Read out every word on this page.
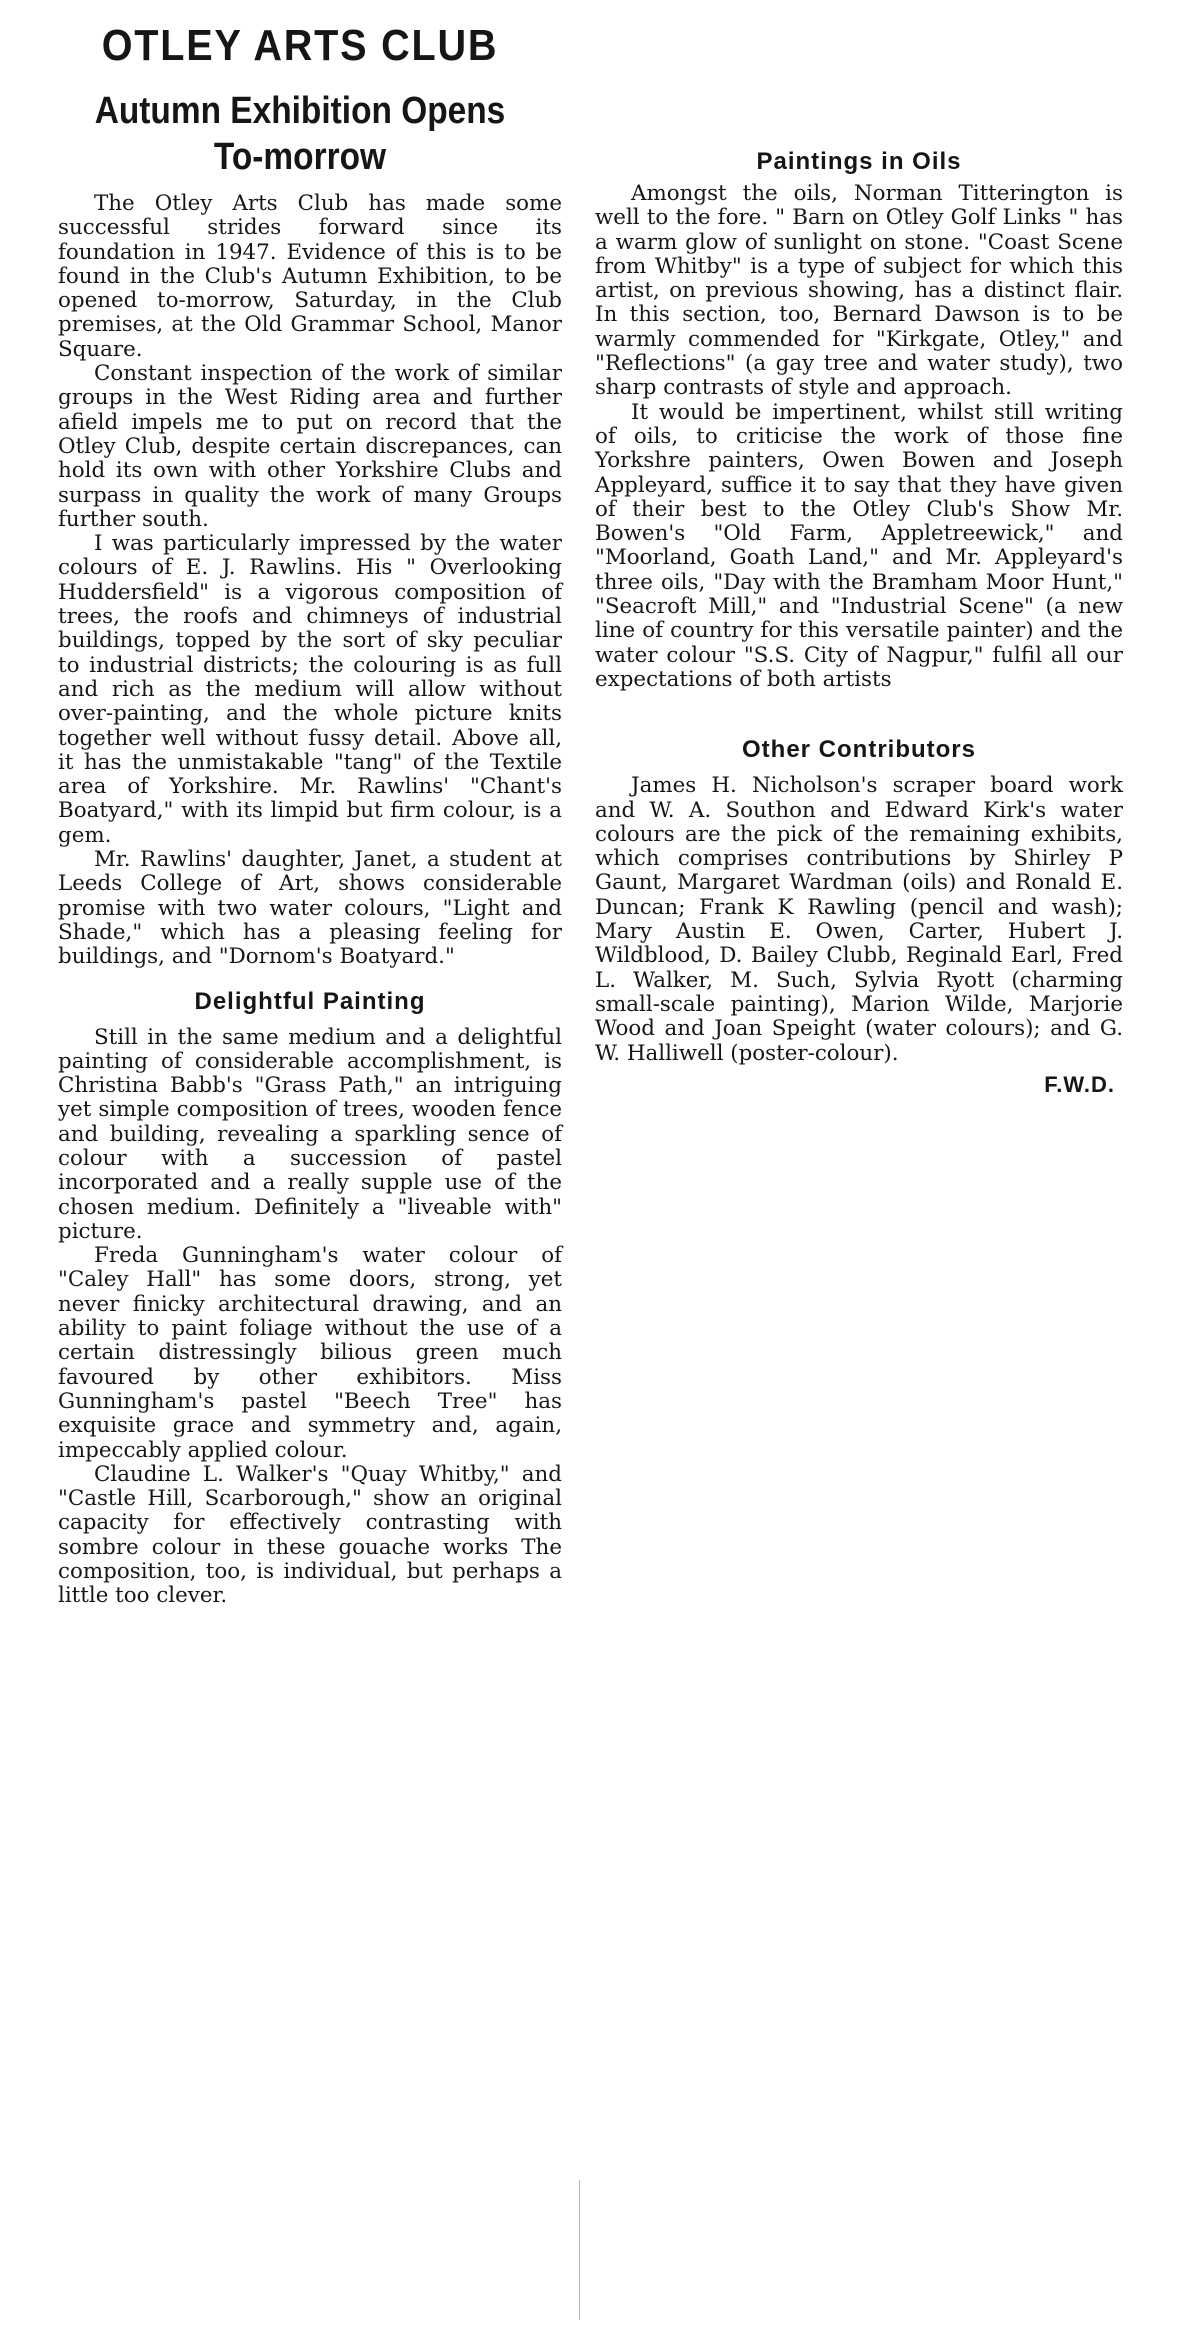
OTLEY ARTS CLUB
Autumn Exhibition Opens To-morrow

The Otley Arts Club has made some successful strides forward since its foundation in 1947. Evidence of this is to be found in the Club's Autumn Exhibition, to be opened to-morrow, Saturday, in the Club premises, at the Old Grammar School, Manor Square.

Constant inspection of the work of similar groups in the West Riding area and further afield impels me to put on record that the Otley Club, despite certain discrepances, can hold its own with other Yorkshire Clubs and surpass in quality the work of many Groups further south.

I was particularly impressed by the water colours of E. J. Rawlins. His " Overlooking Huddersfield" is a vigorous composition of trees, the roofs and chimneys of industrial buildings, topped by the sort of sky peculiar to industrial districts; the colouring is as full and rich as the medium will allow without over-painting, and the whole picture knits together well without fussy detail. Above all, it has the unmistakable "tang" of the Textile area of Yorkshire. Mr. Rawlins' "Chant's Boatyard," with its limpid but firm colour, is a gem.

Mr. Rawlins' daughter, Janet, a student at Leeds College of Art, shows considerable promise with two water colours, "Light and Shade," which has a pleasing feeling for buildings, and "Dornom's Boatyard."

Delightful Painting

Still in the same medium and a delightful painting of considerable accomplishment, is Christina Babb's "Grass Path," an intriguing yet simple composition of trees, wooden fence and building, revealing a sparkling sence of colour with a succession of pastel incorporated and a really supple use of the chosen medium. Definitely a "liveable with" picture.

Freda Gunningham's water colour of "Caley Hall" has some doors, strong, yet never finicky architectural drawing, and an ability to paint foliage without the use of a certain distressingly bilious green much favoured by other exhibitors. Miss Gunningham's pastel "Beech Tree" has exquisite grace and symmetry and, again, impeccably applied colour.

Claudine L. Walker's "Quay Whitby," and "Castle Hill, Scarborough," show an original capacity for effectively contrasting with sombre colour in these gouache works The composition, too, is individual, but perhaps a little too clever.

Paintings in Oils

Amongst the oils, Norman Titterington is well to the fore. " Barn on Otley Golf Links " has a warm glow of sunlight on stone. "Coast Scene from Whitby" is a type of subject for which this artist, on previous showing, has a distinct flair. In this section, too, Bernard Dawson is to be warmly commended for "Kirkgate, Otley," and "Reflections" (a gay tree and water study), two sharp contrasts of style and approach.

It would be impertinent, whilst still writing of oils, to criticise the work of those fine Yorkshre painters, Owen Bowen and Joseph Appleyard, suffice it to say that they have given of their best to the Otley Club's Show Mr. Bowen's "Old Farm, Appletreewick," and "Moorland, Goath Land," and Mr. Appleyard's three oils, "Day with the Bramham Moor Hunt," "Seacroft Mill," and "Industrial Scene" (a new line of country for this versatile painter) and the water colour "S.S. City of Nagpur," fulfil all our expectations of both artists

Other Contributors

James H. Nicholson's scraper board work and W. A. Southon and Edward Kirk's water colours are the pick of the remaining exhibits, which comprises contributions by Shirley P Gaunt, Margaret Wardman (oils) and Ronald E. Duncan; Frank K Rawling (pencil and wash); Mary Austin E. Owen, Carter, Hubert J. Wildblood, D. Bailey Clubb, Reginald Earl, Fred L. Walker, M. Such, Sylvia Ryott (charming small-scale painting), Marion Wilde, Marjorie Wood and Joan Speight (water colours); and G. W. Halliwell (poster-colour).

F.W.D.
